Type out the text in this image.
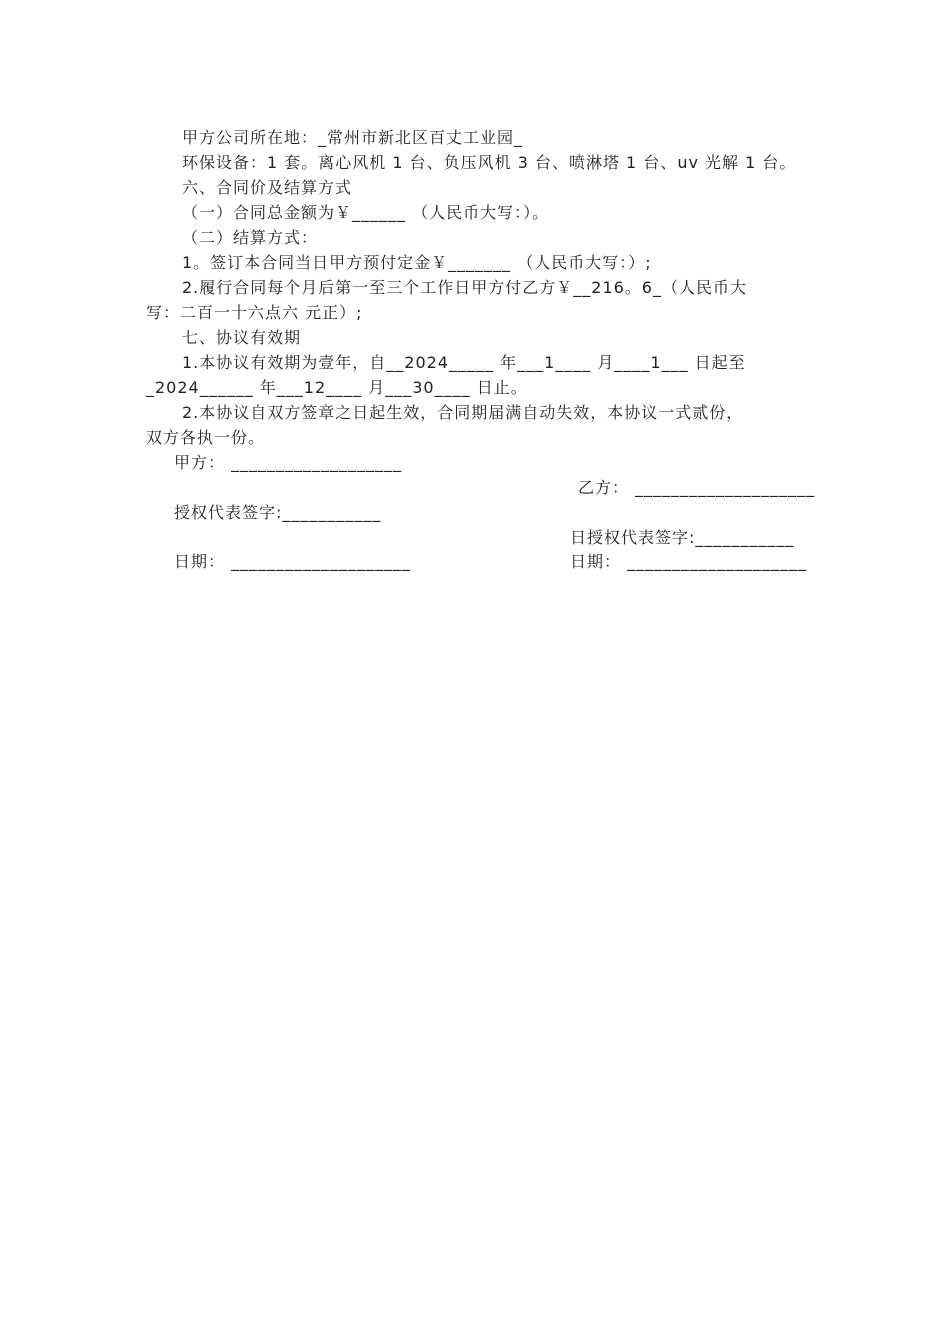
甲方公司所在地：_常州市新北区百丈工业园_
环保设备：1 套。离心风机 1 台、负压风机 3 台、喷淋塔 1 台、uv 光解 1 台。
六、合同价及结算方式
（一）合同总金额为￥______ （人民币大写：）。
（二）结算方式：
1。签订本合同当日甲方预付定金￥_______ （人民币大写：）;
2.履行合同每个月后第一至三个工作日甲方付乙方￥__216。6_（人民币大
写：二百一十六点六 元正）;
七、协议有效期
1.本协议有效期为壹年，自__2024_____ 年___1____ 月____1___ 日起至
_2024______ 年___12____ 月___30____ 日止。
2.本协议自双方签章之日起生效，合同期届满自动失效，本协议一式贰份，
双方各执一份。
甲方： ___________________
乙方： ____________________
授权代表签字:___________
日授权代表签字:___________
日期： ____________________	日期： ____________________
